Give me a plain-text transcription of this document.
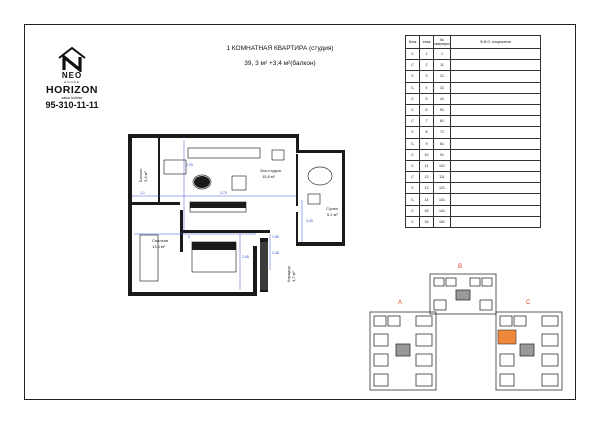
NEO
HOUSE
HORIZON
zahar bollrise
95-310-11-11
1 КОМНАТНАЯ КВАРТИРА (студия)
39, 3 м² +3,4 м²(балкон)
блок	этаж	№ квартиры	Ф.И.О. покупателя
C	1	1	
C	2	11	
C	3	21	
C	4	31	
C	5	41	
C	6	51	
C	7	61	
C	8	71	
C	9	81	
C	10	91	
C	11	101	
C	12	111	
C	13	121	
C	14	131	
C	15	141	
C	16	151	
Балкон 3,4 м²
Зал-студия
15,8 м²
С/узел
5,2 м²
Спальня
13,4 м²
Коридор 4,7 м²
1,2	3,75
2,93
3,45
2,68
1,85
2,48
3
A
B
C
